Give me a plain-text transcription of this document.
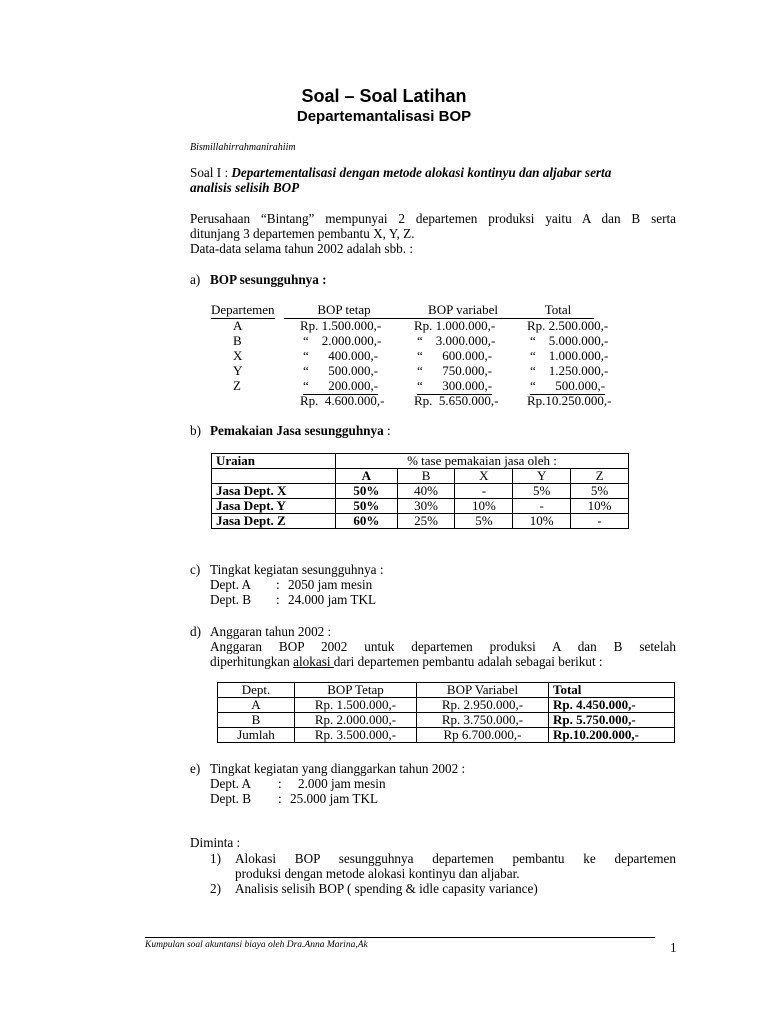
Soal – Soal Latihan
Departemantalisasi BOP
Bismillahirrahmanirahiim
Soal I : Departementalisasi dengan metode alokasi kontinyu dan aljabar serta
analisis selisih BOP
Perusahaan “Bintang” mempunyai 2 departemen produksi yaitu A dan B serta
ditunjang 3 departemen pembantu X, Y, Z.
Data-data selama tahun 2002 adalah sbb. :
a) BOP sesungguhnya :
Departemen	BOP tetap	BOP variabel	Total
A	Rp. 1.500.000,-	Rp. 1.000.000,- Rp. 2.500.000,-
B	“    2.000.000,-	“    3.000.000,-	“    5.000.000,-
X	“      400.000,-	“      600.000,-	“    1.000.000,-
Y	“      500.000,-	“      750.000,-	“    1.250.000,-
Z	“      200.000,-	“      300.000,-	“      500.000,-
Rp.  4.600.000,- Rp.  5.650.000,- Rp.10.250.000,-
b) Pemakaian Jasa sesungguhnya :
Uraian	% tase pemakaian jasa oleh :				
	A	B	X	Y	Z
Jasa Dept. X	50%	40%	-	5%	5%
Jasa Dept. Y	50%	30%	10%	-	10%
Jasa Dept. Z	60%	25%	5%	10%	-
c) Tingkat kegiatan sesungguhnya :
Dept. A : 2050 jam mesin
Dept. B : 24.000 jam TKL
d) Anggaran tahun 2002 :
Anggaran BOP 2002 untuk departemen produksi A dan B setelah
diperhitungkan alokasi dari departemen pembantu adalah sebagai berikut :
Dept.	BOP Tetap	BOP Variabel	Total
A	Rp. 1.500.000,-	Rp. 2.950.000,-	Rp. 4.450.000,-
B	Rp. 2.000.000,-	Rp. 3.750.000,-	Rp. 5.750.000,-
Jumlah	Rp. 3.500.000,-	Rp 6.700.000,-	Rp.10.200.000,-
e) Tingkat kegiatan yang dianggarkan tahun 2002 :
Dept. A : 2.000 jam mesin
Dept. B : 25.000 jam TKL
Diminta :
1) Alokasi BOP sesungguhnya departemen pembantu ke departemen
produksi dengan metode alokasi kontinyu dan aljabar.
2) Analisis selisih BOP ( spending & idle capasity variance)
Kumpulan soal akuntansi biaya oleh Dra.Anna Marina,Ak	1
